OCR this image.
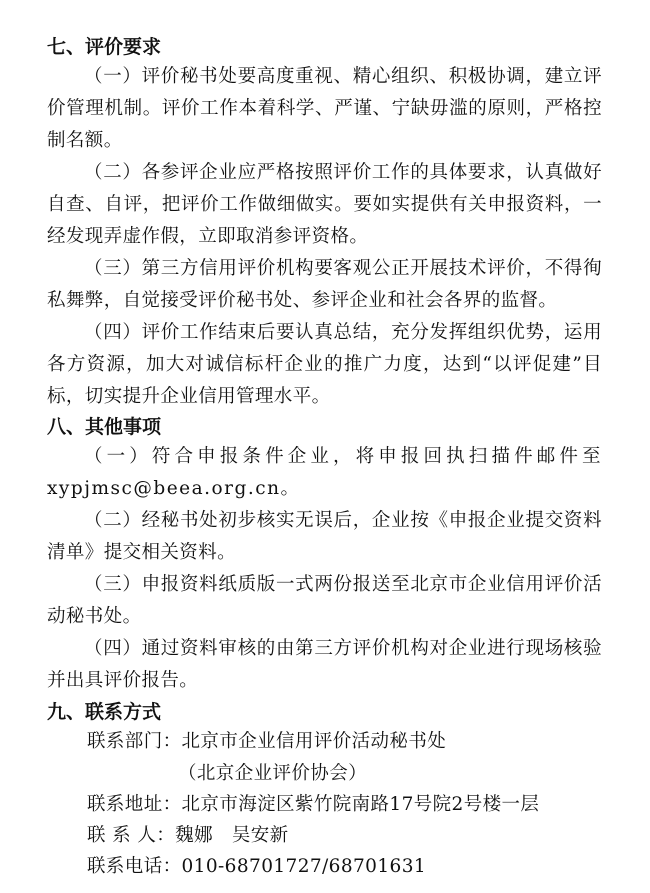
七、评价要求

（一）评价秘书处要高度重视、精心组织、积极协调，建立评价管理机制。评价工作本着科学、严谨、宁缺毋滥的原则，严格控制名额。

（二）各参评企业应严格按照评价工作的具体要求，认真做好自查、自评，把评价工作做细做实。要如实提供有关申报资料，一经发现弄虚作假，立即取消参评资格。

（三）第三方信用评价机构要客观公正开展技术评价，不得徇私舞弊，自觉接受评价秘书处、参评企业和社会各界的监督。

（四）评价工作结束后要认真总结，充分发挥组织优势，运用各方资源，加大对诚信标杆企业的推广力度，达到“以评促建”目标，切实提升企业信用管理水平。

八、其他事项

（一）符合申报条件企业，将申报回执扫描件邮件至xypjmsc@beea.org.cn。

（二）经秘书处初步核实无误后，企业按《申报企业提交资料清单》提交相关资料。

（三）申报资料纸质版一式两份报送至北京市企业信用评价活动秘书处。

（四）通过资料审核的由第三方评价机构对企业进行现场核验并出具评价报告。

九、联系方式
联系部门：北京市企业信用评价活动秘书处
（北京企业评价协会）
联系地址：北京市海淀区紫竹院南路17号院2号楼一层
联 系 人：魏娜　吴安新
联系电话：010-68701727/68701631
